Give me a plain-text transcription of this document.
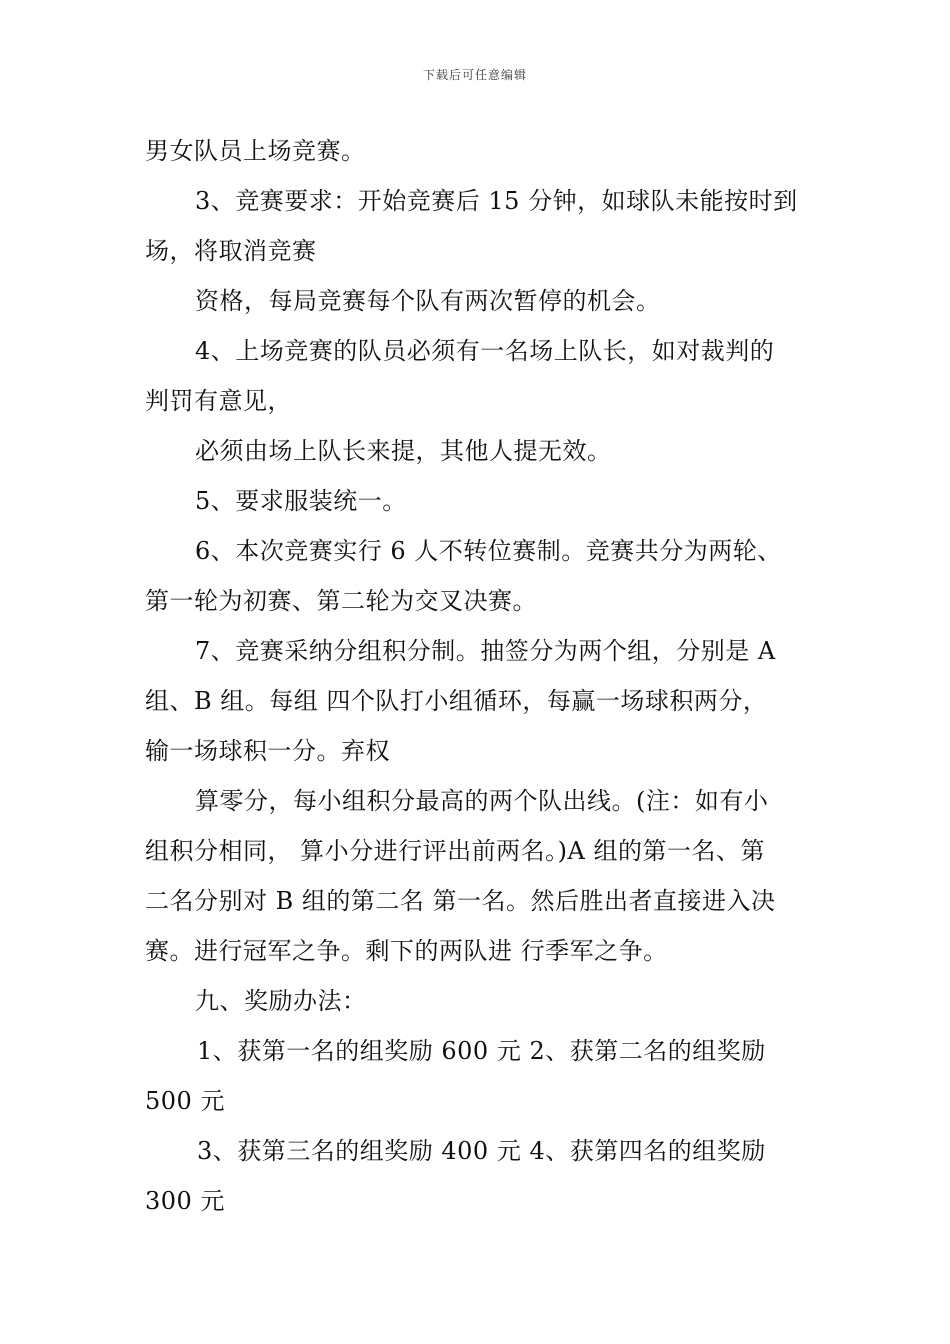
下载后可任意编辑
男女队员上场竞赛。
3、竞赛要求：开始竞赛后 15 分钟，如球队未能按时到
场，将取消竞赛
资格，每局竞赛每个队有两次暂停的机会。
4、上场竞赛的队员必须有一名场上队长，如对裁判的
判罚有意见，
必须由场上队长来提，其他人提无效。
5、要求服装统一。
6、本次竞赛实行 6 人不转位赛制。竞赛共分为两轮、
第一轮为初赛、第二轮为交叉决赛。
7、竞赛采纳分组积分制。抽签分为两个组，分别是 A
组、B 组。每组 四个队打小组循环，每赢一场球积两分，
输一场球积一分。弃权
算零分，每小组积分最高的两个队出线。(注：如有小
组积分相同， 算小分进行评出前两名。)A 组的第一名、第
二名分别对 B 组的第二名 第一名。然后胜出者直接进入决
赛。进行冠军之争。剩下的两队进 行季军之争。
九、奖励办法：
1、获第一名的组奖励 600 元 2、获第二名的组奖励
500 元
3、获第三名的组奖励 400 元 4、获第四名的组奖励
300 元
